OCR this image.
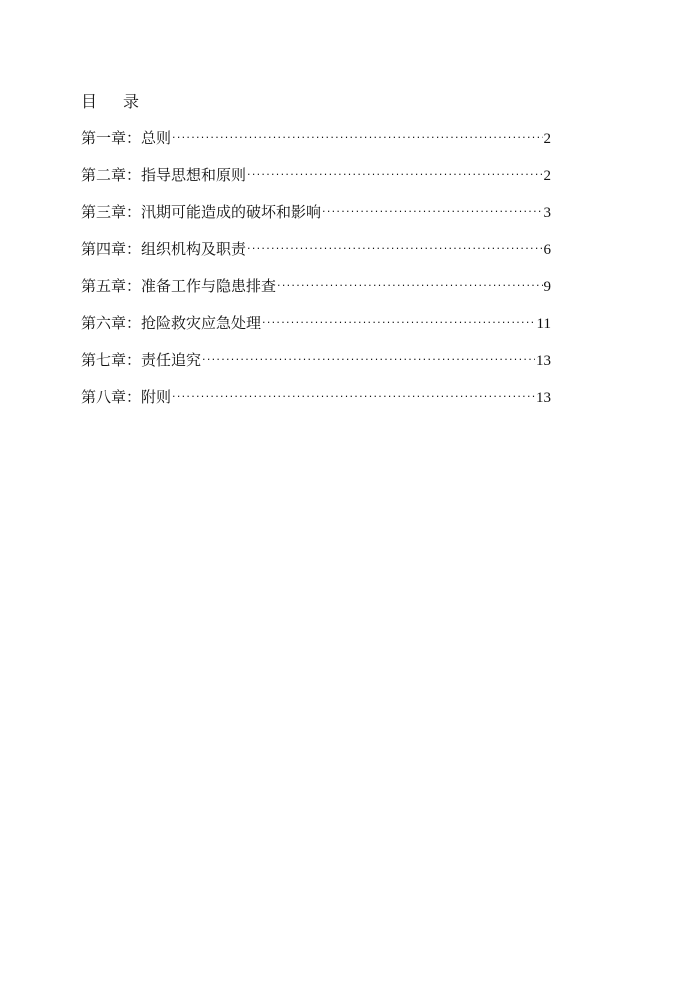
目 录
第一章：总则 ·····	2
第二章：指导思想和原则 ·····	2
第三章：汛期可能造成的破坏和影响 ·····	3
第四章：组织机构及职责 ·····	6
第五章：准备工作与隐患排查 ·····	9
第六章：抢险救灾应急处理 ·····	11
第七章：责任追究 ·····	13
第八章：附则 ·····	13
